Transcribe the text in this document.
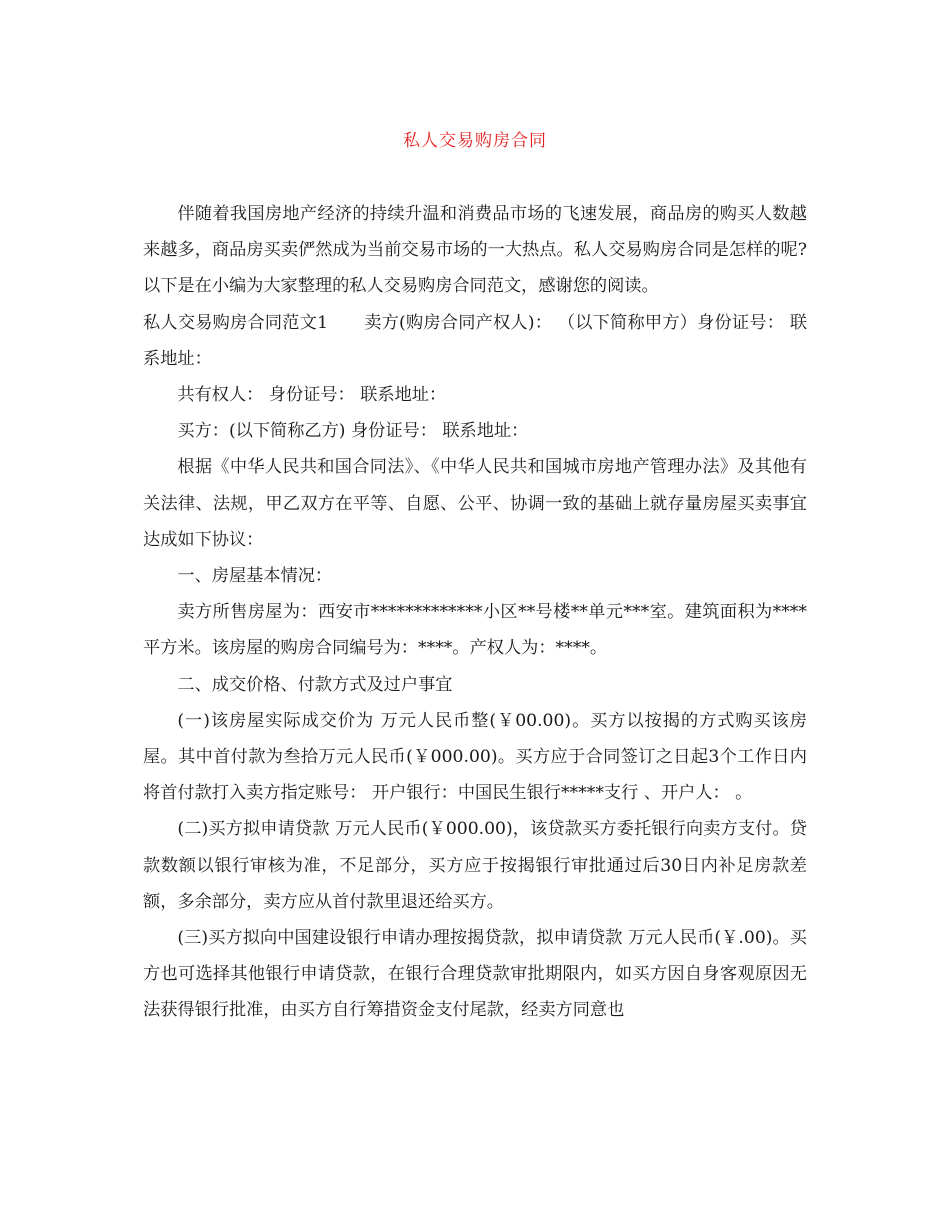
私人交易购房合同

伴随着我国房地产经济的持续升温和消费品市场的飞速发展，商品房的购买人数越来越多，商品房买卖俨然成为当前交易市场的一大热点。私人交易购房合同是怎样的呢?以下是在小编为大家整理的私人交易购房合同范文，感谢您的阅读。

私人交易购房合同范文1 卖方(购房合同产权人)： （以下简称甲方）身份证号： 联系地址：

共有权人： 身份证号： 联系地址：

买方：(以下简称乙方) 身份证号： 联系地址：

根据《中华人民共和国合同法》、《中华人民共和国城市房地产管理办法》及其他有关法律、法规，甲乙双方在平等、自愿、公平、协调一致的基础上就存量房屋买卖事宜达成如下协议：

一、房屋基本情况：

卖方所售房屋为：西安市*************小区**号楼**单元***室。建筑面积为****平方米。该房屋的购房合同编号为：****。产权人为：****。

二、成交价格、付款方式及过户事宜

(一)该房屋实际成交价为 万元人民币整(￥00.00)。买方以按揭的方式购买该房屋。其中首付款为叁拾万元人民币(￥000.00)。买方应于合同签订之日起3个工作日内将首付款打入卖方指定账号： 开户银行：中国民生银行*****支行 、开户人： 。

(二)买方拟申请贷款 万元人民币(￥000.00)，该贷款买方委托银行向卖方支付。贷款数额以银行审核为准，不足部分，买方应于按揭银行审批通过后30日内补足房款差额，多余部分，卖方应从首付款里退还给买方。

(三)买方拟向中国建设银行申请办理按揭贷款，拟申请贷款 万元人民币(￥.00)。买方也可选择其他银行申请贷款，在银行合理贷款审批期限内，如买方因自身客观原因无法获得银行批准，由买方自行筹措资金支付尾款，经卖方同意也
